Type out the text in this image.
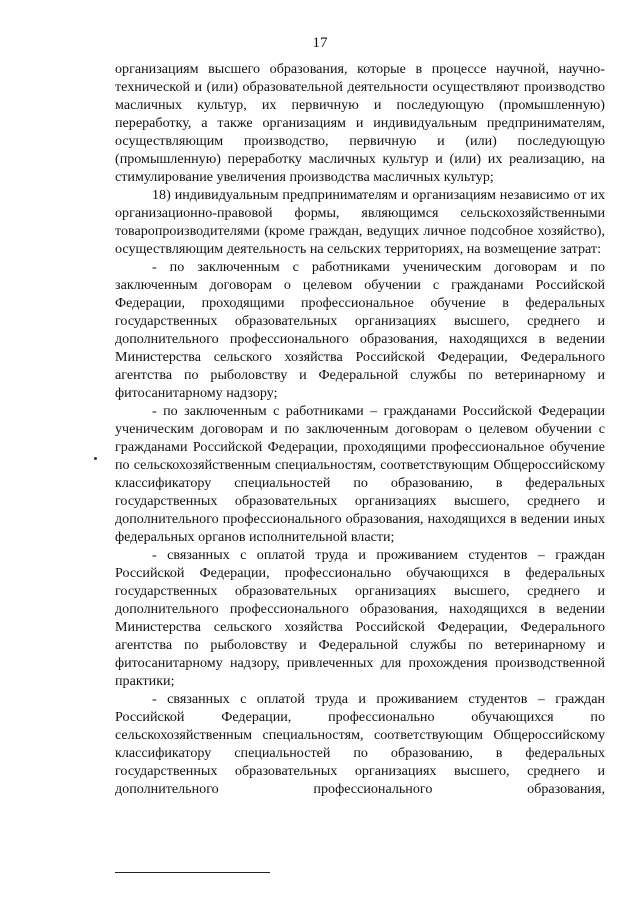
17

организациям высшего образования, которые в процессе научной, научно-технической и (или) образовательной деятельности осуществляют производство масличных культур, их первичную и последующую (промышленную) переработку, а также организациям и индивидуальным предпринимателям, осуществляющим производство, первичную и (или) последующую (промышленную) переработку масличных культур и (или) их реализацию, на стимулирование увеличения производства масличных культур;

18) индивидуальным предпринимателям и организациям независимо от их организационно-правовой формы, являющимся сельскохозяйственными товаропроизводителями (кроме граждан, ведущих личное подсобное хозяйство), осуществляющим деятельность на сельских территориях, на возмещение затрат:

- по заключенным с работниками ученическим договорам и по заключенным договорам о целевом обучении с гражданами Российской Федерации, проходящими профессиональное обучение в федеральных государственных образовательных организациях высшего, среднего и дополнительного профессионального образования, находящихся в ведении Министерства сельского хозяйства Российской Федерации, Федерального агентства по рыболовству и Федеральной службы по ветеринарному и фитосанитарному надзору;

- по заключенным с работниками – гражданами Российской Федерации ученическим договорам и по заключенным договорам о целевом обучении с гражданами Российской Федерации, проходящими профессиональное обучение по сельскохозяйственным специальностям, соответствующим Общероссийскому классификатору специальностей по образованию, в федеральных государственных образовательных организациях высшего, среднего и дополнительного профессионального образования, находящихся в ведении иных федеральных органов исполнительной власти;

- связанных с оплатой труда и проживанием студентов – граждан Российской Федерации, профессионально обучающихся в федеральных государственных образовательных организациях высшего, среднего и дополнительного профессионального образования, находящихся в ведении Министерства сельского хозяйства Российской Федерации, Федерального агентства по рыболовству и Федеральной службы по ветеринарному и фитосанитарному надзору, привлеченных для прохождения производственной практики;

- связанных с оплатой труда и проживанием студентов – граждан Российской Федерации, профессионально обучающихся по сельскохозяйственным специальностям, соответствующим Общероссийскому классификатору специальностей по образованию, в федеральных государственных образовательных организациях высшего, среднего и дополнительного профессионального образования,
